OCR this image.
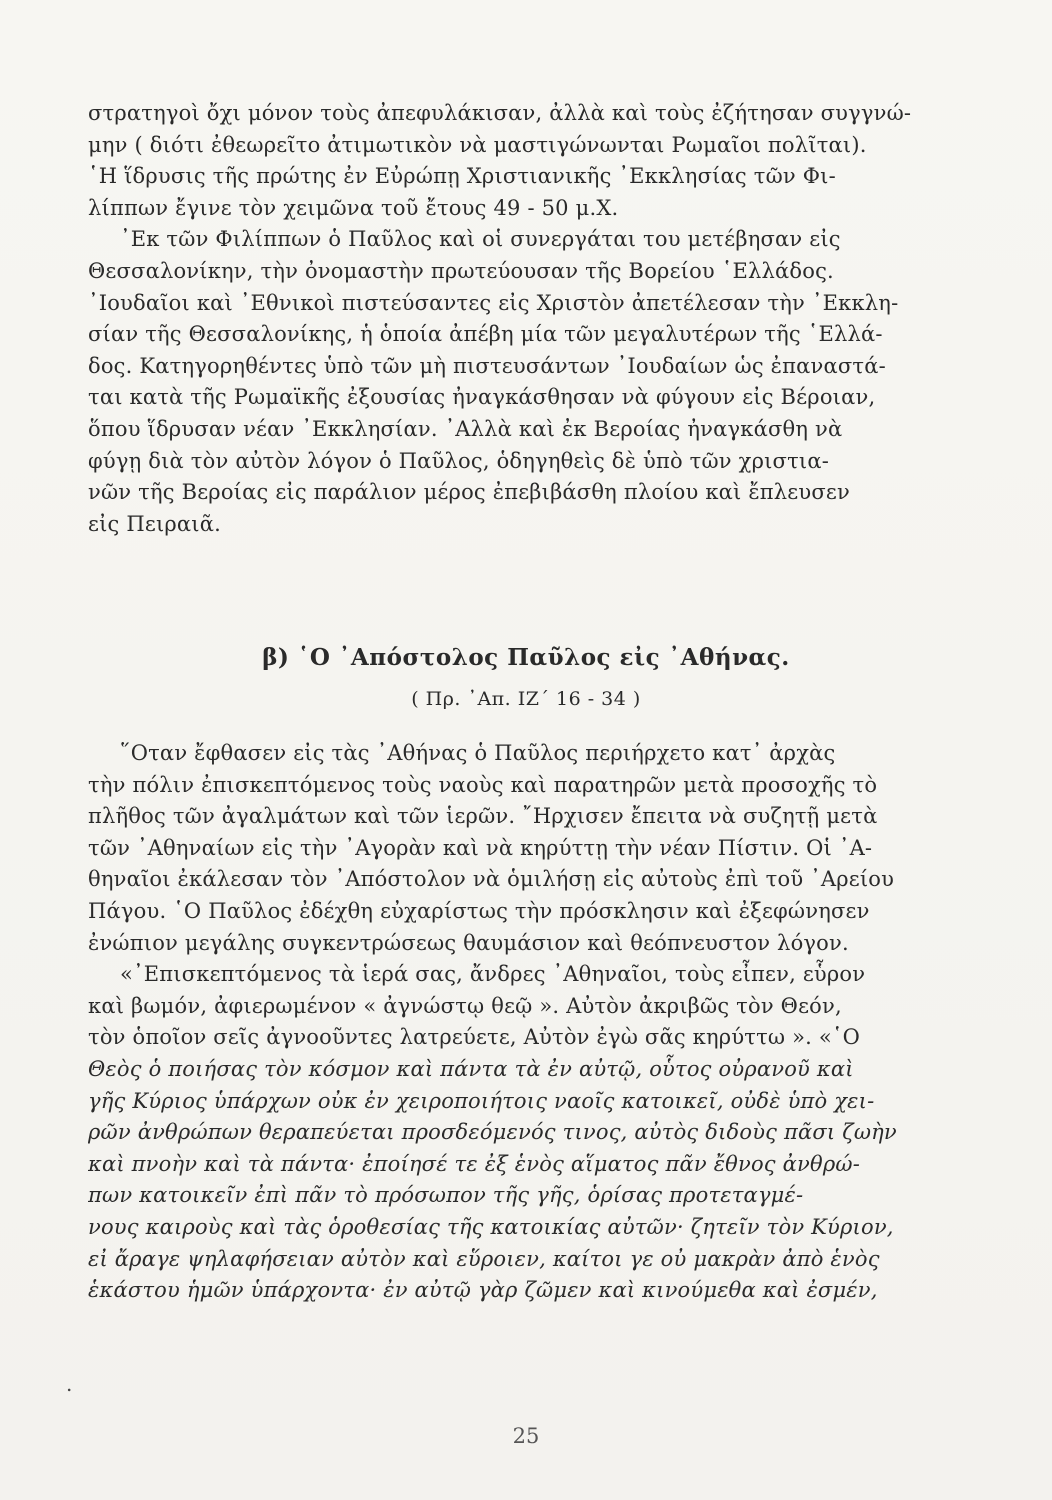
στρατηγοὶ ὄχι μόνον τοὺς ἀπεφυλάκισαν, ἀλλὰ καὶ τοὺς ἐζήτησαν συγγνώ-

μην ( διότι ἐθεωρεῖτο ἀτιμωτικὸν νὰ μαστιγώνωνται Ρωμαῖοι πολῖται).

῾Η ἵδρυσις τῆς πρώτης ἐν Εὐρώπῃ Χριστιανικῆς ᾿Εκκλησίας τῶν Φι-

λίππων ἔγινε τὸν χειμῶνα τοῦ ἔτους 49 - 50 μ.Χ.

᾿Εκ τῶν Φιλίππων ὁ Παῦλος καὶ οἱ συνεργάται του μετέβησαν εἰς

Θεσσαλονίκην, τὴν ὀνομαστὴν πρωτεύουσαν τῆς Βορείου ῾Ελλάδος.

᾿Ιουδαῖοι καὶ ᾿Εθνικοὶ πιστεύσαντες εἰς Χριστὸν ἀπετέλεσαν τὴν ᾿Εκκλη-

σίαν τῆς Θεσσαλονίκης, ἡ ὁποία ἀπέβη μία τῶν μεγαλυτέρων τῆς ῾Ελλά-

δος. Κατηγορηθέντες ὑπὸ τῶν μὴ πιστευσάντων ᾿Ιουδαίων ὡς ἐπαναστά-

ται κατὰ τῆς Ρωμαϊκῆς ἐξουσίας ἠναγκάσθησαν νὰ φύγουν εἰς Βέροιαν,

ὅπου ἵδρυσαν νέαν ᾿Εκκλησίαν. ᾿Αλλὰ καὶ ἐκ Βεροίας ἠναγκάσθη νὰ

φύγῃ διὰ τὸν αὐτὸν λόγον ὁ Παῦλος, ὁδηγηθεὶς δὲ ὑπὸ τῶν χριστια-

νῶν τῆς Βεροίας εἰς παράλιον μέρος ἐπεβιβάσθη πλοίου καὶ ἔπλευσεν

εἰς Πειραιᾶ.

β) ῾Ο ᾿Απόστολος Παῦλος εἰς ᾿Αθήνας.
( Πρ. ᾿Απ. ΙΖ΄ 16 - 34 )

῞Οταν ἔφθασεν εἰς τὰς ᾿Αθήνας ὁ Παῦλος περιήρχετο κατ᾿ ἀρχὰς

τὴν πόλιν ἐπισκεπτόμενος τοὺς ναοὺς καὶ παρατηρῶν μετὰ προσοχῆς τὸ

πλῆθος τῶν ἀγαλμάτων καὶ τῶν ἱερῶν. ῎Ηρχισεν ἔπειτα νὰ συζητῇ μετὰ

τῶν ᾿Αθηναίων εἰς τὴν ᾿Αγορὰν καὶ νὰ κηρύττῃ τὴν νέαν Πίστιν. Οἱ ᾿Α-

θηναῖοι ἐκάλεσαν τὸν ᾿Απόστολον νὰ ὁμιλήσῃ εἰς αὐτοὺς ἐπὶ τοῦ ᾿Αρείου

Πάγου. ῾Ο Παῦλος ἐδέχθη εὐχαρίστως τὴν πρόσκλησιν καὶ ἐξεφώνησεν

ἐνώπιον μεγάλης συγκεντρώσεως θαυμάσιον καὶ θεόπνευστον λόγον.

«᾿Επισκεπτόμενος τὰ ἱερά σας, ἄνδρες ᾿Αθηναῖοι, τοὺς εἶπεν, εὗρον

καὶ βωμόν, ἀφιερωμένον « ἀγνώστῳ θεῷ ». Αὐτὸν ἀκριβῶς τὸν Θεόν,

τὸν ὁποῖον σεῖς ἀγνοοῦντες λατρεύετε, Αὐτὸν ἐγὼ σᾶς κηρύττω ». «῾Ο

Θεὸς ὁ ποιήσας τὸν κόσμον καὶ πάντα τὰ ἐν αὐτῷ, οὗτος οὐρανοῦ καὶ

γῆς Κύριος ὑπάρχων οὐκ ἐν χειροποιήτοις ναοῖς κατοικεῖ, οὐδὲ ὑπὸ χει-

ρῶν ἀνθρώπων θεραπεύεται προσδεόμενός τινος, αὐτὸς διδοὺς πᾶσι ζωὴν

καὶ πνοὴν καὶ τὰ πάντα· ἐποίησέ τε ἐξ ἑνὸς αἵματος πᾶν ἔθνος ἀνθρώ-

πων κατοικεῖν ἐπὶ πᾶν τὸ πρόσωπον τῆς γῆς, ὁρίσας προτεταγμέ-

νους καιροὺς καὶ τὰς ὁροθεσίας τῆς κατοικίας αὐτῶν· ζητεῖν τὸν Κύριον,

εἰ ἄραγε ψηλαφήσειαν αὐτὸν καὶ εὕροιεν, καίτοι γε οὐ μακρὰν ἀπὸ ἑνὸς

ἑκάστου ἡμῶν ὑπάρχοντα· ἐν αὐτῷ γὰρ ζῶμεν καὶ κινούμεθα καὶ ἐσμέν,

.
25
